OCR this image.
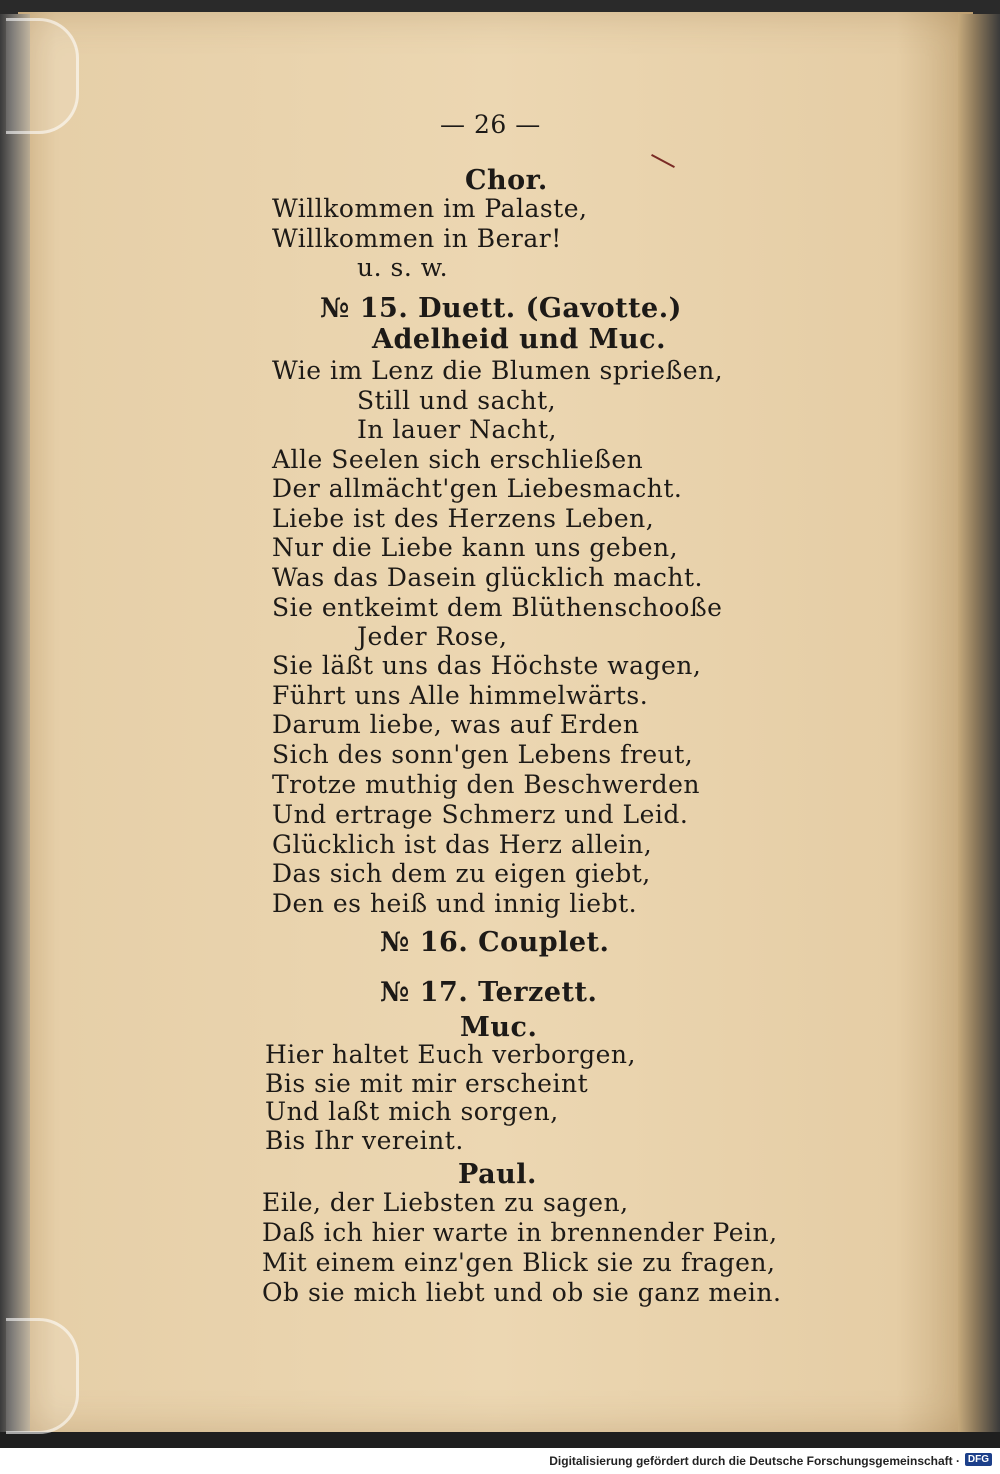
— 26 —
Chor.
Willkommen im Palaste,
Willkommen in Berar!
u. s. w.
№ 15. Duett. (Gavotte.)
Adelheid und Muc.
Wie im Lenz die Blumen sprießen,
Still und sacht,
In lauer Nacht,
Alle Seelen sich erschließen
Der allmächt'gen Liebesmacht.
Liebe ist des Herzens Leben,
Nur die Liebe kann uns geben,
Was das Dasein glücklich macht.
Sie entkeimt dem Blüthenschooße
Jeder Rose,
Sie läßt uns das Höchste wagen,
Führt uns Alle himmelwärts.
Darum liebe, was auf Erden
Sich des sonn'gen Lebens freut,
Trotze muthig den Beschwerden
Und ertrage Schmerz und Leid.
Glücklich ist das Herz allein,
Das sich dem zu eigen giebt,
Den es heiß und innig liebt.
№ 16. Couplet.
№ 17. Terzett.
Muc.
Hier haltet Euch verborgen,
Bis sie mit mir erscheint
Und laßt mich sorgen,
Bis Ihr vereint.
Paul.
Eile, der Liebsten zu sagen,
Daß ich hier warte in brennender Pein,
Mit einem einz'gen Blick sie zu fragen,
Ob sie mich liebt und ob sie ganz mein.
Digitalisierung gefördert durch die Deutsche Forschungsgemeinschaft · DFG
